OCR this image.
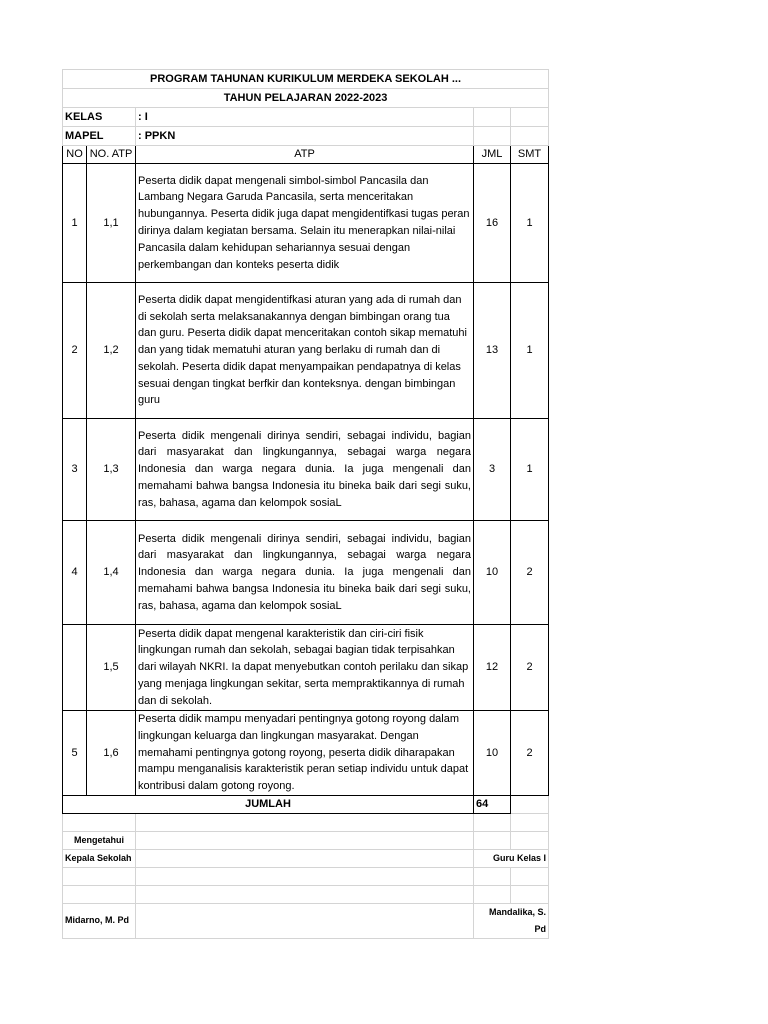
PROGRAM TAHUNAN KURIKULUM MERDEKA SEKOLAH ...				
TAHUN PELAJARAN 2022-2023				
KELAS		: I		
MAPEL		: PPKN		
NO	NO. ATP	ATP	JML	SMT
1	1,1	Peserta didik dapat mengenali simbol-simbol Pancasila dan Lambang Negara Garuda Pancasila, serta menceritakan hubungannya. Peserta didik juga dapat mengidentifkasi tugas peran dirinya dalam kegiatan bersama. Selain itu menerapkan nilai-nilai Pancasila dalam kehidupan sehariannya sesuai dengan perkembangan dan konteks peserta didik	16	1
2	1,2	Peserta didik dapat mengidentifkasi aturan yang ada di rumah dan di sekolah serta melaksanakannya dengan bimbingan orang tua dan guru. Peserta didik dapat menceritakan contoh sikap mematuhi dan yang tidak mematuhi aturan yang berlaku di rumah dan di sekolah. Peserta didik dapat menyampaikan pendapatnya di kelas sesuai dengan tingkat berfkir dan konteksnya. dengan bimbingan guru	13	1
3	1,3	Peserta didik mengenali dirinya sendiri, sebagai individu, bagian dari masyarakat dan lingkungannya, sebagai warga negara Indonesia dan warga negara dunia. Ia juga mengenali dan memahami bahwa bangsa Indonesia itu bineka baik dari segi suku, ras, bahasa, agama dan kelompok sosiaL	3	1
4	1,4	Peserta didik mengenali dirinya sendiri, sebagai individu, bagian dari masyarakat dan lingkungannya, sebagai warga negara Indonesia dan warga negara dunia. Ia juga mengenali dan memahami bahwa bangsa Indonesia itu bineka baik dari segi suku, ras, bahasa, agama dan kelompok sosiaL	10	2
	1,5	Peserta didik dapat mengenal karakteristik dan ciri-ciri fisik lingkungan rumah dan sekolah, sebagai bagian tidak terpisahkan dari wilayah NKRI. Ia dapat menyebutkan contoh perilaku dan sikap yang menjaga lingkungan sekitar, serta mempraktikannya di rumah dan di sekolah.	12	2
5	1,6	Peserta didik mampu menyadari pentingnya gotong royong dalam lingkungan keluarga dan lingkungan masyarakat. Dengan memahami pentingnya gotong royong, peserta didik diharapakan mampu menganalisis karakteristik peran setiap individu untuk dapat kontribusi dalam gotong royong.	10	2
JUMLAH			64	

Mengetahui				
Kepala Sekolah			Guru Kelas I	

Midarno, M. Pd			Mandalika, S. Pd	
